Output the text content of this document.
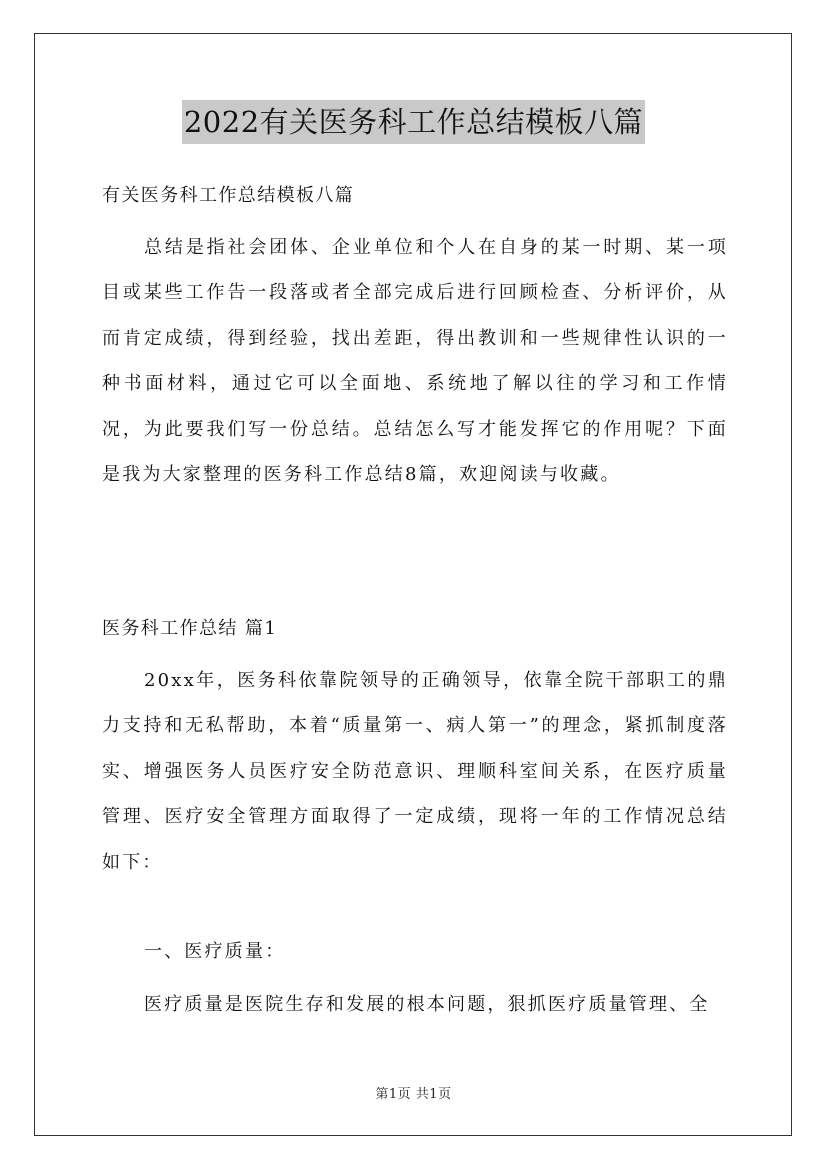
2022有关医务科工作总结模板八篇

有关医务科工作总结模板八篇

总结是指社会团体、企业单位和个人在自身的某一时期、某一项目或某些工作告一段落或者全部完成后进行回顾检查、分析评价，从而肯定成绩，得到经验，找出差距，得出教训和一些规律性认识的一种书面材料，通过它可以全面地、系统地了解以往的学习和工作情况，为此要我们写一份总结。总结怎么写才能发挥它的作用呢？下面是我为大家整理的医务科工作总结8篇，欢迎阅读与收藏。

医务科工作总结 篇1

20xx年，医务科依靠院领导的正确领导，依靠全院干部职工的鼎力支持和无私帮助，本着“质量第一、病人第一”的理念，紧抓制度落实、增强医务人员医疗安全防范意识、理顺科室间关系，在医疗质量管理、医疗安全管理方面取得了一定成绩，现将一年的工作情况总结如下：

一、医疗质量：

医疗质量是医院生存和发展的根本问题，狠抓医疗质量管理、全

第1页 共1页
